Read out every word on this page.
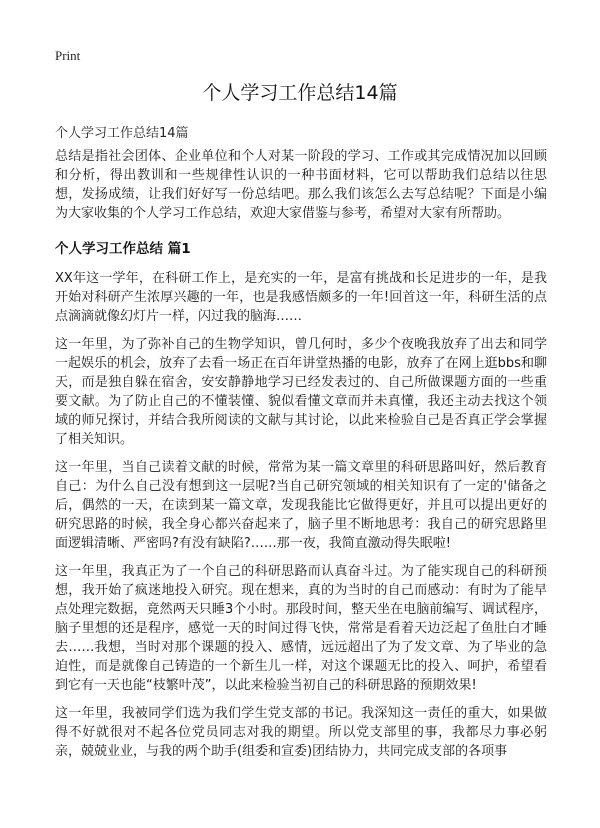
Print
个人学习工作总结14篇
个人学习工作总结14篇

总结是指社会团体、企业单位和个人对某一阶段的学习、工作或其完成情况加以回顾和分析，得出教训和一些规律性认识的一种书面材料，它可以帮助我们总结以往思想，发扬成绩，让我们好好写一份总结吧。那么我们该怎么去写总结呢？下面是小编为大家收集的个人学习工作总结，欢迎大家借鉴与参考，希望对大家有所帮助。

个人学习工作总结 篇1

XX年这一学年，在科研工作上，是充实的一年，是富有挑战和长足进步的一年，是我开始对科研产生浓厚兴趣的一年，也是我感悟颇多的一年!回首这一年，科研生活的点点滴滴就像幻灯片一样，闪过我的脑海……

这一年里，为了弥补自己的生物学知识，曾几何时，多少个夜晚我放弃了出去和同学一起娱乐的机会，放弃了去看一场正在百年讲堂热播的电影，放弃了在网上逛bbs和聊天，而是独自躲在宿舍，安安静静地学习已经发表过的、自己所做课题方面的一些重要文献。为了防止自己的不懂装懂、貌似看懂文章而并未真懂，我还主动去找这个领域的师兄探讨，并结合我所阅读的文献与其讨论，以此来检验自己是否真正学会掌握了相关知识。

这一年里，当自己读着文献的时候，常常为某一篇文章里的科研思路叫好，然后教育自己：为什么自己没有想到这一层呢?当自己研究领域的相关知识有了一定的'储备之后，偶然的一天，在读到某一篇文章，发现我能比它做得更好，并且可以提出更好的研究思路的时候，我全身心都兴奋起来了，脑子里不断地思考：我自己的研究思路里面逻辑清晰、严密吗?有没有缺陷?……那一夜，我简直激动得失眠啦!

这一年里，我真正为了一个自己的科研思路而认真奋斗过。为了能实现自己的科研预想，我开始了疯迷地投入研究。现在想来，真的为当时的自己而感动：有时为了能早点处理完数据，竟然两天只睡3个小时。那段时间，整天坐在电脑前编写、调试程序，脑子里想的还是程序，感觉一天的时间过得飞快，常常是看着天边泛起了鱼肚白才睡去……我想，当时对那个课题的投入、感情，远远超出了为了发文章、为了毕业的急迫性，而是就像自己铸造的一个新生儿一样，对这个课题无比的投入、呵护，希望看到它有一天也能“枝繁叶茂”，以此来检验当初自己的科研思路的预期效果!

这一年里，我被同学们选为我们学生党支部的书记。我深知这一责任的重大，如果做得不好就很对不起各位党员同志对我的期望。所以党支部里的事，我都尽力事必躬亲，兢兢业业，与我的两个助手(组委和宣委)团结协力，共同完成支部的各项事
